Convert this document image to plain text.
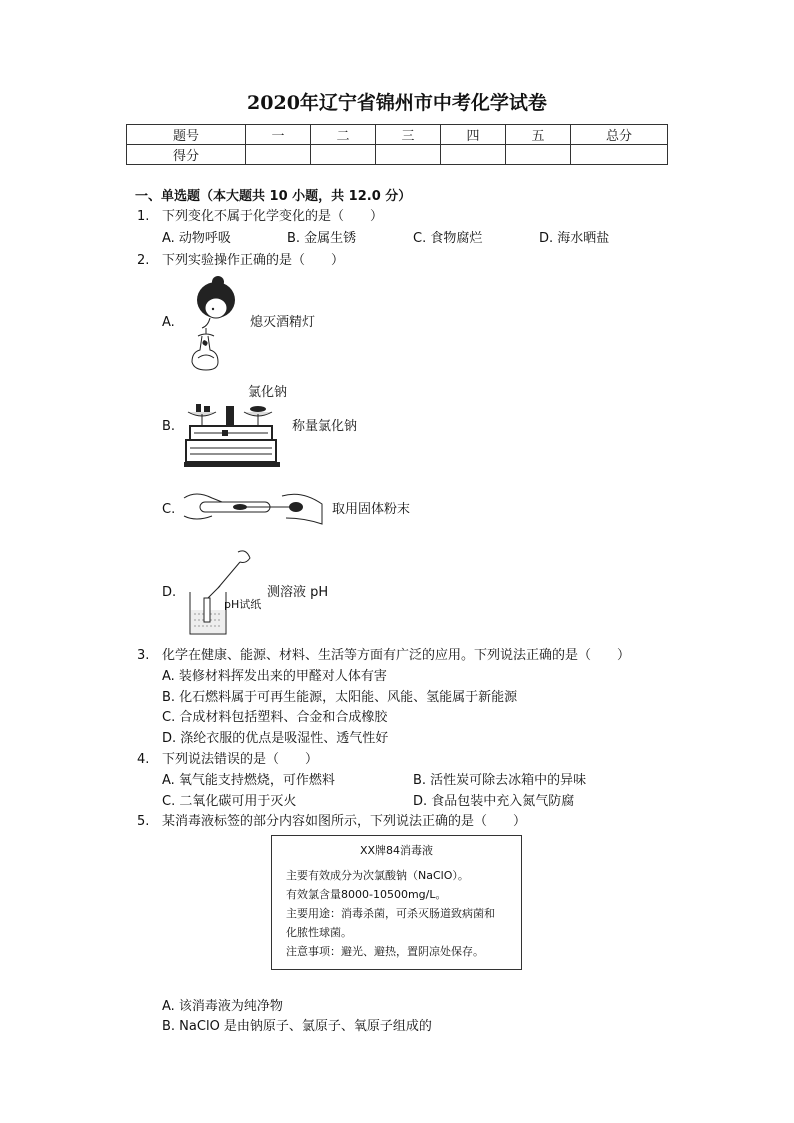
2020年辽宁省锦州市中考化学试卷
题号	一	二	三	四	五	总分
得分						
一、单选题（本大题共 10 小题，共 12.0 分）
1. 下列变化不属于化学变化的是（　　）
A. 动物呼吸	B. 金属生锈	C. 食物腐烂	D. 海水晒盐
2. 下列实验操作正确的是（　　）
A.	熄灭酒精灯
B.
氯化钠
称量氯化钠
C.	取用固体粉末
D.
pH试纸
测溶液 pH
3. 化学在健康、能源、材料、生活等方面有广泛的应用。下列说法正确的是（　　）
A. 装修材料挥发出来的甲醛对人体有害
B. 化石燃料属于可再生能源，太阳能、风能、氢能属于新能源
C. 合成材料包括塑料、合金和合成橡胶
D. 涤纶衣服的优点是吸湿性、透气性好
4. 下列说法错误的是（　　）
A. 氧气能支持燃烧，可作燃料	B. 活性炭可除去冰箱中的异味
C. 二氧化碳可用于灭火	D. 食品包装中充入氮气防腐
5. 某消毒液标签的部分内容如图所示，下列说法正确的是（　　）
XX牌84消毒液
主要有效成分为次氯酸钠（NaClO）。
有效氯含量8000-10500mg/L。
主要用途：消毒杀菌，可杀灭肠道致病菌和
化脓性球菌。
注意事项：避光、避热，置阴凉处保存。
A. 该消毒液为纯净物
B. NaClO 是由钠原子、氯原子、氧原子组成的
